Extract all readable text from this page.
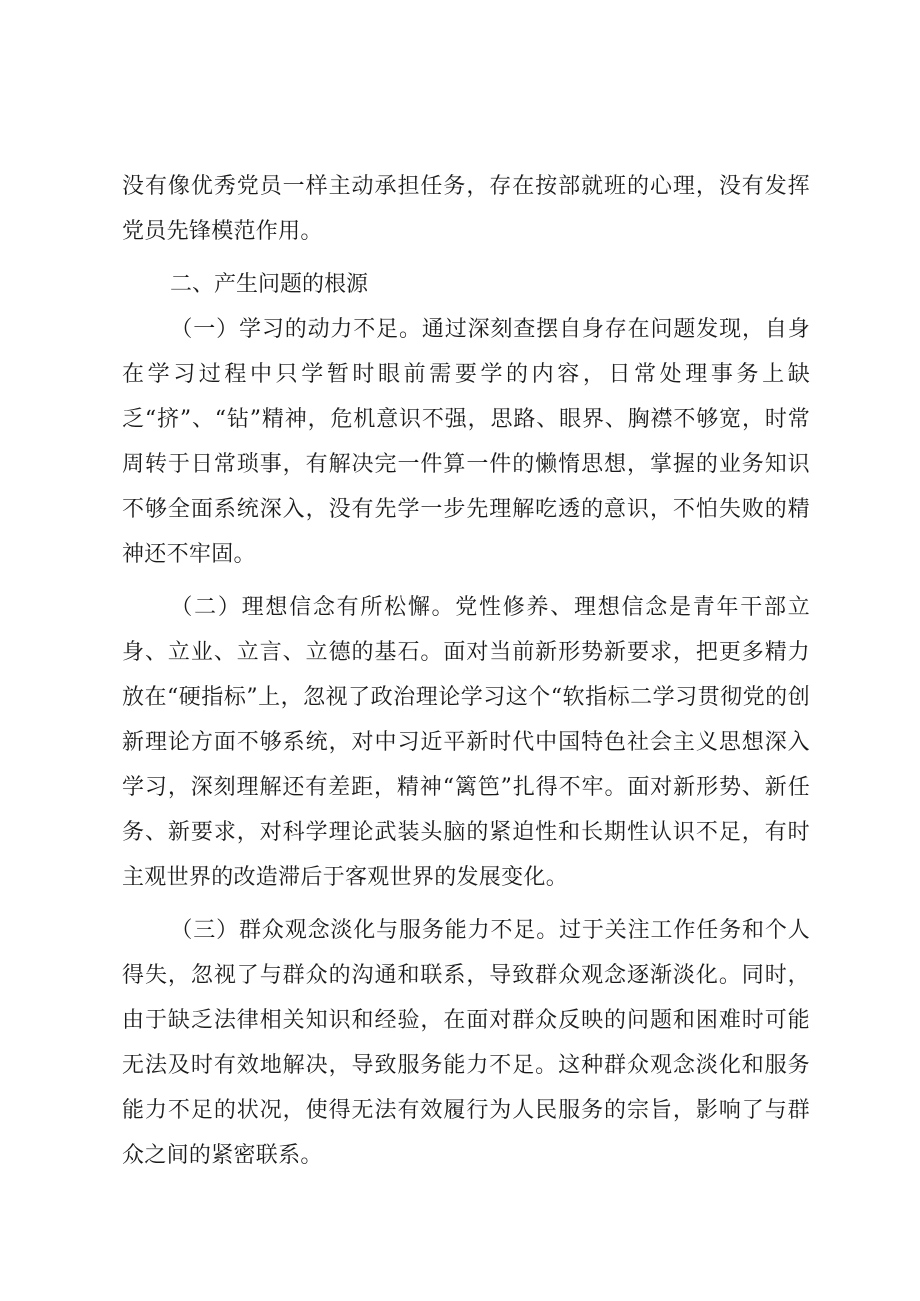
没有像优秀党员一样主动承担任务，存在按部就班的心理，没有发挥党员先锋模范作用。

二、产生问题的根源

（一）学习的动力不足。通过深刻查摆自身存在问题发现，自身在学习过程中只学暂时眼前需要学的内容，日常处理事务上缺乏“挤”、“钻”精神，危机意识不强，思路、眼界、胸襟不够宽，时常周转于日常琐事，有解决完一件算一件的懒惰思想，掌握的业务知识不够全面系统深入，没有先学一步先理解吃透的意识，不怕失败的精神还不牢固。

（二）理想信念有所松懈。党性修养、理想信念是青年干部立身、立业、立言、立德的基石。面对当前新形势新要求，把更多精力放在“硬指标”上，忽视了政治理论学习这个“软指标二学习贯彻党的创新理论方面不够系统，对中习近平新时代中国特色社会主义思想深入学习，深刻理解还有差距，精神“篱笆”扎得不牢。面对新形势、新任务、新要求，对科学理论武装头脑的紧迫性和长期性认识不足，有时主观世界的改造滞后于客观世界的发展变化。

（三）群众观念淡化与服务能力不足。过于关注工作任务和个人得失，忽视了与群众的沟通和联系，导致群众观念逐渐淡化。同时，由于缺乏法律相关知识和经验，在面对群众反映的问题和困难时可能无法及时有效地解决，导致服务能力不足。这种群众观念淡化和服务能力不足的状况，使得无法有效履行为人民服务的宗旨，影响了与群众之间的紧密联系。
